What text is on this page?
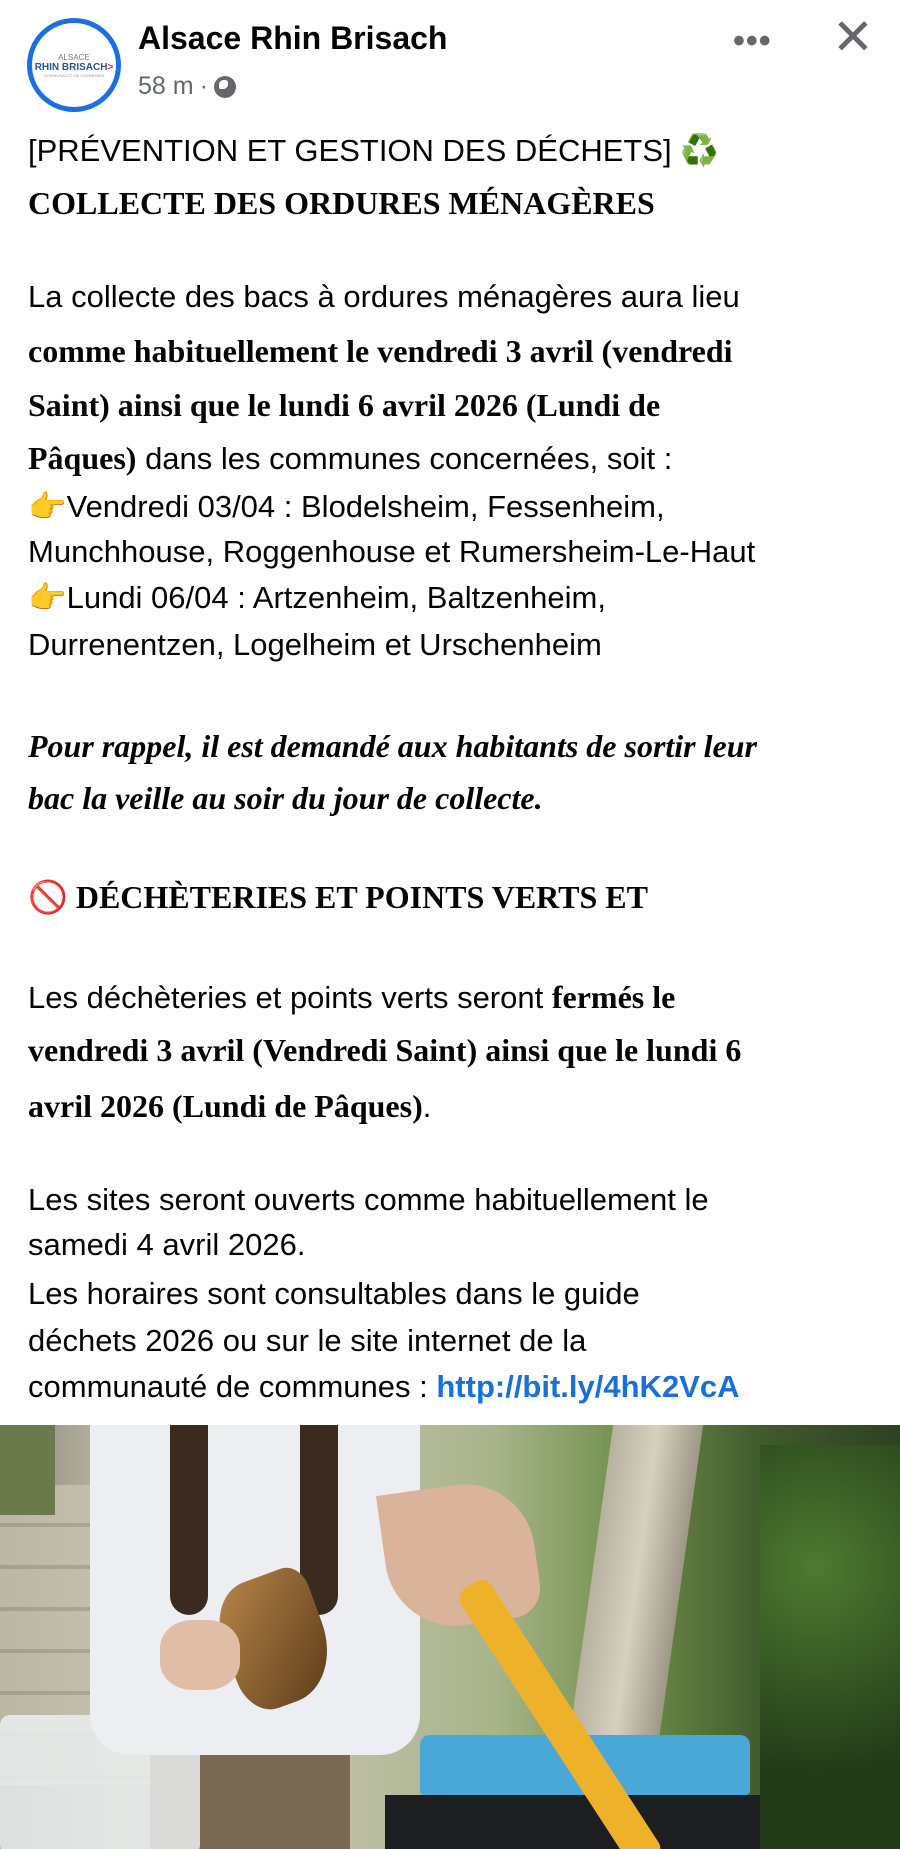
ALSACE
RHIN BRISACH>
COMMUNAUTÉ DE COMMUNES
Alsace Rhin Brisach
58 m ·
••• ✕
[PRÉVENTION ET GESTION DES DÉCHETS] ♻️
COLLECTE DES ORDURES MÉNAGÈRES
La collecte des bacs à ordures ménagères aura lieu
comme habituellement le vendredi 3 avril (vendredi
Saint) ainsi que le lundi 6 avril 2026 (Lundi de
Pâques) dans les communes concernées, soit :
👉Vendredi 03/04 : Blodelsheim, Fessenheim,
Munchhouse, Roggenhouse et Rumersheim-Le-Haut
👉Lundi 06/04 : Artzenheim, Baltzenheim,
Durrenentzen, Logelheim et Urschenheim
Pour rappel, il est demandé aux habitants de sortir leur
bac la veille au soir du jour de collecte.
🚫 DÉCHÈTERIES ET POINTS VERTS ET
Les déchèteries et points verts seront fermés le
vendredi 3 avril (Vendredi Saint) ainsi que le lundi 6
avril 2026 (Lundi de Pâques).
Les sites seront ouverts comme habituellement le
samedi 4 avril 2026.
Les horaires sont consultables dans le guide
déchets 2026 ou sur le site internet de la
communauté de communes : http://bit.ly/4hK2VcA
